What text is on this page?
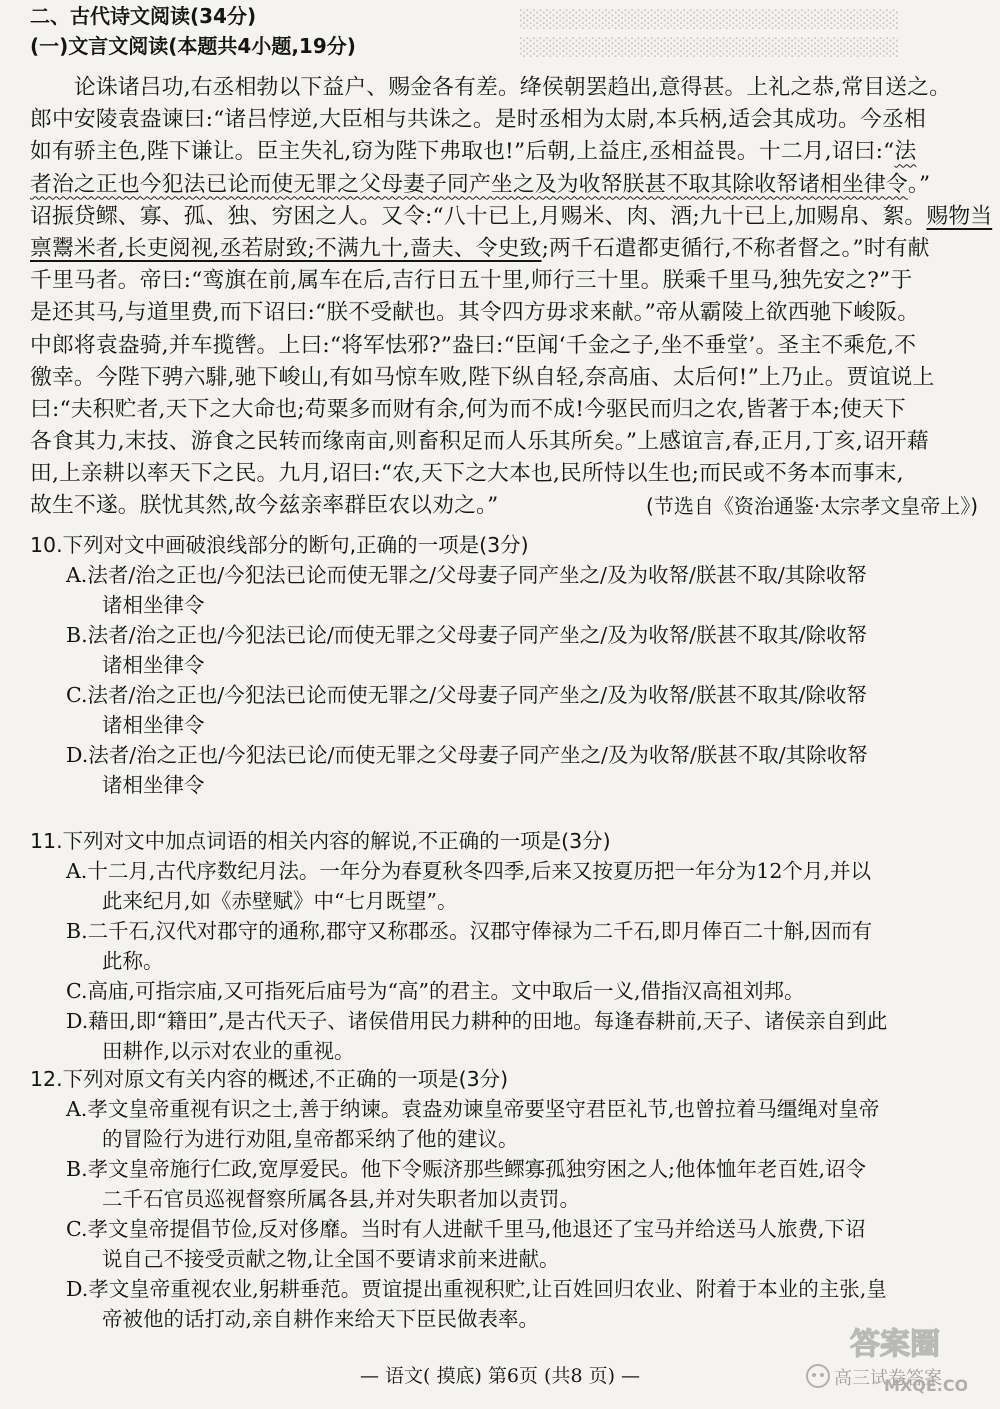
░░░░░░░░░░░░░░░░░░░░░░░░░░░░░
░░░░░░░░░░░░░░░░░░░░░░░░░░░░░
二、古代诗文阅读(34分)
(一)文言文阅读(本题共4小题,19分)
　　论诛诸吕功,右丞相勃以下益户、赐金各有差。绛侯朝罢趋出,意得甚。上礼之恭,常目送之。
郎中安陵袁盎谏曰:“诸吕悖逆,大臣相与共诛之。是时丞相为太尉,本兵柄,适会其成功。今丞相
如有骄主色,陛下谦让。臣主失礼,窃为陛下弗取也!”后朝,上益庄,丞相益畏。十二月,诏曰:“法
者治之正也今犯法已论而使无罪之父母妻子同产坐之及为收帑朕甚不取其除收帑诸相坐律令。”
诏振贷鳏、寡、孤、独、穷困之人。又令:“八十已上,月赐米、肉、酒;九十已上,加赐帛、絮。赐物当
禀鬻米者,长吏阅视,丞若尉致;不满九十,啬夫、令史致;两千石遣都吏循行,不称者督之。”时有献
千里马者。帝曰:“鸾旗在前,属车在后,吉行日五十里,师行三十里。朕乘千里马,独先安之?”于
是还其马,与道里费,而下诏曰:“朕不受献也。其令四方毋求来献。”帝从霸陵上欲西驰下峻阪。
中郎将袁盎骑,并车揽辔。上曰:“将军怯邪?”盎曰:“臣闻‘千金之子,坐不垂堂’。圣主不乘危,不
徼幸。今陛下骋六騑,驰下峻山,有如马惊车败,陛下纵自轻,奈高庙、太后何!”上乃止。贾谊说上
曰:“夫积贮者,天下之大命也;苟粟多而财有余,何为而不成!今驱民而归之农,皆著于本;使天下
各食其力,末技、游食之民转而缘南亩,则畜积足而人乐其所矣。”上感谊言,春,正月,丁亥,诏开藉
田,上亲耕以率天下之民。九月,诏曰:“农,天下之大本也,民所恃以生也;而民或不务本而事末,
故生不遂。朕忧其然,故今兹亲率群臣农以劝之。”	(节选自《资治通鉴·太宗孝文皇帝上》)
10.下列对文中画破浪线部分的断句,正确的一项是(3分)
A.法者/治之正也/今犯法已论而使无罪之/父母妻子同产坐之/及为收帑/朕甚不取/其除收帑
诸相坐律令
B.法者/治之正也/今犯法已论/而使无罪之父母妻子同产坐之/及为收帑/朕甚不取其/除收帑
诸相坐律令
C.法者/治之正也/今犯法已论而使无罪之/父母妻子同产坐之/及为收帑/朕甚不取其/除收帑
诸相坐律令
D.法者/治之正也/今犯法已论/而使无罪之父母妻子同产坐之/及为收帑/朕甚不取/其除收帑
诸相坐律令
11.下列对文中加点词语的相关内容的解说,不正确的一项是(3分)
A.十二月,古代序数纪月法。一年分为春夏秋冬四季,后来又按夏历把一年分为12个月,并以
此来纪月,如《赤壁赋》中“七月既望”。
B.二千石,汉代对郡守的通称,郡守又称郡丞。汉郡守俸禄为二千石,即月俸百二十斛,因而有
此称。
C.高庙,可指宗庙,又可指死后庙号为“高”的君主。文中取后一义,借指汉高祖刘邦。
D.藉田,即“籍田”,是古代天子、诸侯借用民力耕种的田地。每逢春耕前,天子、诸侯亲自到此
田耕作,以示对农业的重视。
12.下列对原文有关内容的概述,不正确的一项是(3分)
A.孝文皇帝重视有识之士,善于纳谏。袁盎劝谏皇帝要坚守君臣礼节,也曾拉着马缰绳对皇帝
的冒险行为进行劝阻,皇帝都采纳了他的建议。
B.孝文皇帝施行仁政,宽厚爱民。他下令赈济那些鳏寡孤独穷困之人;他体恤年老百姓,诏令
二千石官员巡视督察所属各县,并对失职者加以责罚。
C.孝文皇帝提倡节俭,反对侈靡。当时有人进献千里马,他退还了宝马并给送马人旅费,下诏
说自己不接受贡献之物,让全国不要请求前来进献。
D.孝文皇帝重视农业,躬耕垂范。贾谊提出重视积贮,让百姓回归农业、附着于本业的主张,皇
帝被他的话打动,亲自耕作来给天下臣民做表率。
— 语文( 摸底) 第6页 (共8 页) —
答案圈
高三试卷答案
MXQE.CO
